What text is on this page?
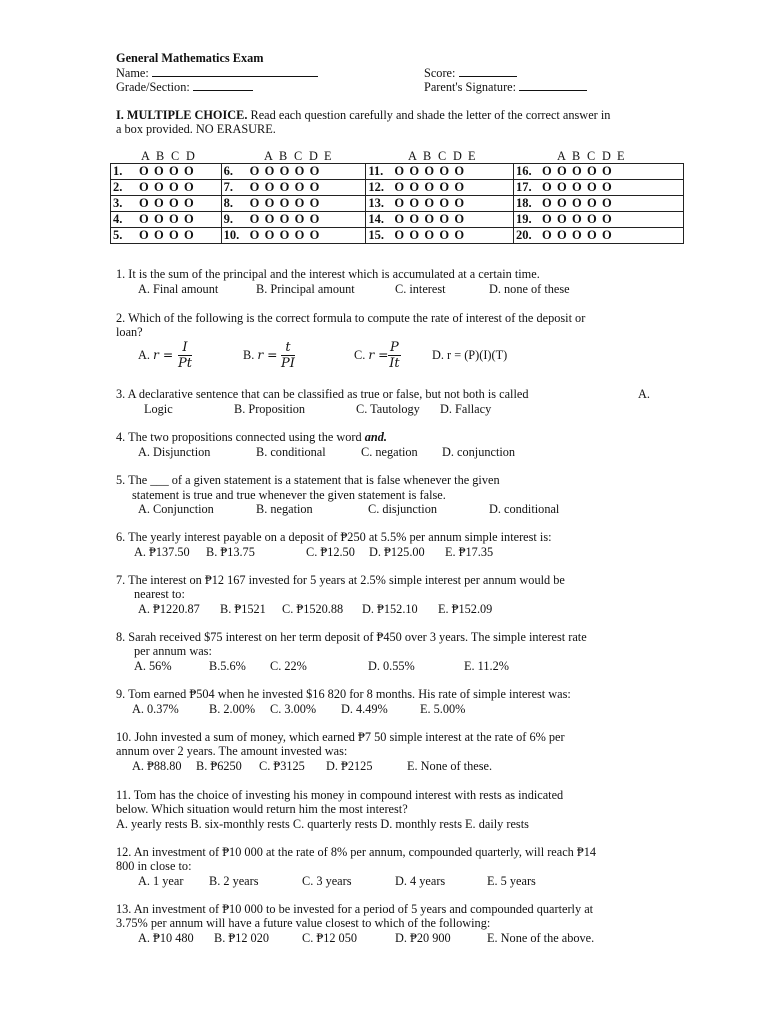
General Mathematics Exam
Name:	Score:
Grade/Section:	Parent's Signature:
I. MULTIPLE CHOICE. Read each question carefully and shade the letter of the correct answer in
a box provided. NO ERASURE.
A B C D	A B C D E	A B C D E	A B C D E
1. O O O O	6. O O O O O	11. O O O O O	16. O O O O O
2. O O O O	7. O O O O O	12. O O O O O	17. O O O O O
3. O O O O	8. O O O O O	13. O O O O O	18. O O O O O
4. O O O O	9. O O O O O	14. O O O O O	19. O O O O O
5. O O O O	10. O O O O O	15. O O O O O	20. O O O O O
1. It is the sum of the principal and the interest which is accumulated at a certain time.
A. Final amount	B. Principal amount	C. interest	D. none of these
2. Which of the following is the correct formula to compute the rate of interest of the deposit or
loan?
A. $r = \frac{I}{Pt}$	B. $r = \frac{t}{PI}$	C. $r = \frac{P}{It}$	D. r = (P)(I)(T)
3. A declarative sentence that can be classified as true or false, but not both is called	A.
Logic	B. Proposition	C. Tautology D. Fallacy
4. The two propositions connected using the word and.
A. Disjunction	B. conditional	C. negation D. conjunction
5. The ___ of a given statement is a statement that is false whenever the given
statement is true and true whenever the given statement is false.
A. Conjunction	B. negation	C. disjunction	D. conditional
6. The yearly interest payable on a deposit of ₱250 at 5.5% per annum simple interest is:
A. ₱137.50 B. ₱13.75	C. ₱12.50 D. ₱125.00 E. ₱17.35
7. The interest on ₱12 167 invested for 5 years at 2.5% simple interest per annum would be
nearest to:
A. ₱1220.87 B. ₱1521 C. ₱1520.88 D. ₱152.10 E. ₱152.09
8. Sarah received $75 interest on her term deposit of ₱450 over 3 years. The simple interest rate
per annum was:
A. 56%	B.5.6% C. 22%	D. 0.55%	E. 11.2%
9. Tom earned ₱504 when he invested $16 820 for 8 months. His rate of simple interest was:
A. 0.37% B. 2.00% C. 3.00% D. 4.49%	E. 5.00%
10. John invested a sum of money, which earned ₱7 50 simple interest at the rate of 6% per
annum over 2 years. The amount invested was:
A. ₱88.80 B. ₱6250 C. ₱3125 D. ₱2125	E. None of these.
11. Tom has the choice of investing his money in compound interest with rests as indicated
below. Which situation would return him the most interest?
A. yearly rests B. six-monthly rests C. quarterly rests D. monthly rests E. daily rests
12. An investment of ₱10 000 at the rate of 8% per annum, compounded quarterly, will reach ₱14
800 in close to:
A. 1 year B. 2 years	C. 3 years	D. 4 years	E. 5 years
13. An investment of ₱10 000 to be invested for a period of 5 years and compounded quarterly at
3.75% per annum will have a future value closest to which of the following:
A. ₱10 480 B. ₱12 020	C. ₱12 050	D. ₱20 900	E. None of the above.
